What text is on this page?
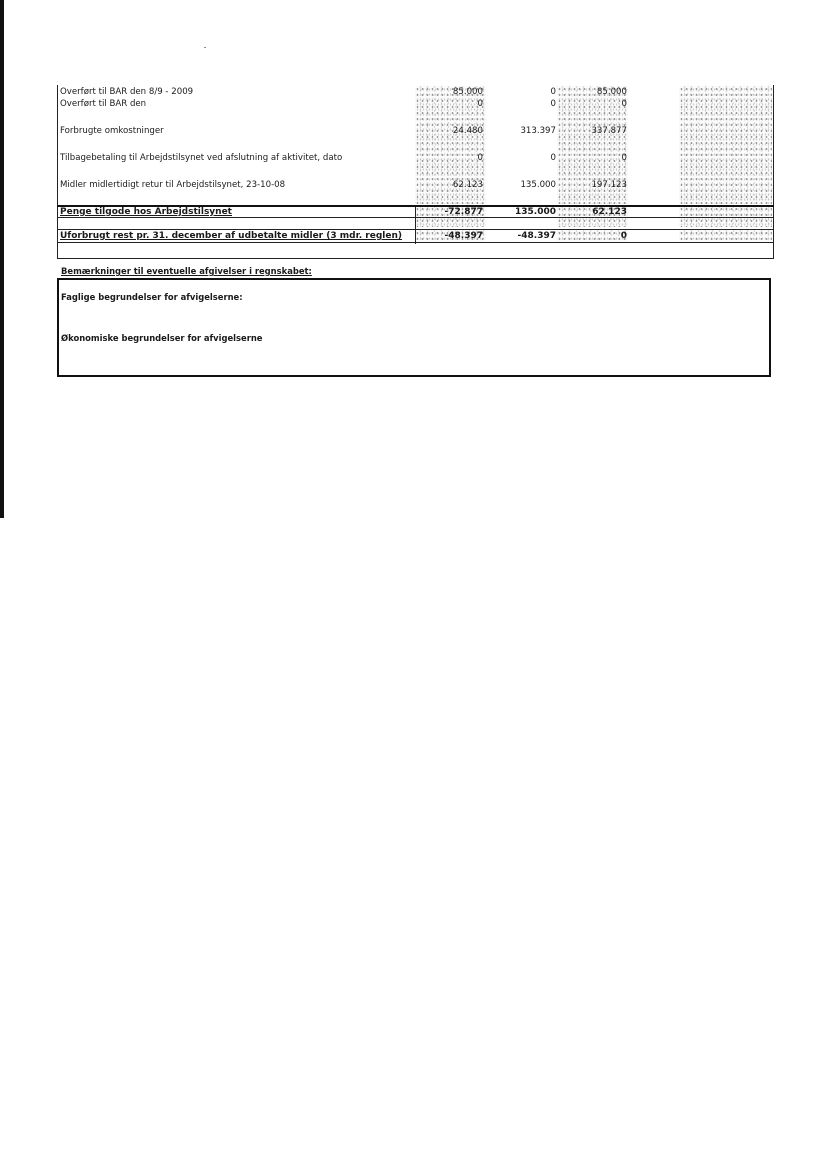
Overført til BAR den 8/9 - 2009	85.000	0	85.000
Overført til BAR den	0	0	0
Forbrugte omkostninger	24.480	313.397	337.877
Tilbagebetaling til Arbejdstilsynet ved afslutning af aktivitet, dato	0	0	0
Midler midlertidigt retur til Arbejdstilsynet, 23-10-08	62.123	135.000	197.123
Penge tilgode hos Arbejdstilsynet	-72.877	135.000	62.123
Uforbrugt rest pr. 31. december af udbetalte midler (3 mdr. reglen)	-48.397	-48.397	0
Bemærkninger til eventuelle afgivelser i regnskabet:
Faglige begrundelser for afvigelserne:
Økonomiske begrundelser for afvigelserne
